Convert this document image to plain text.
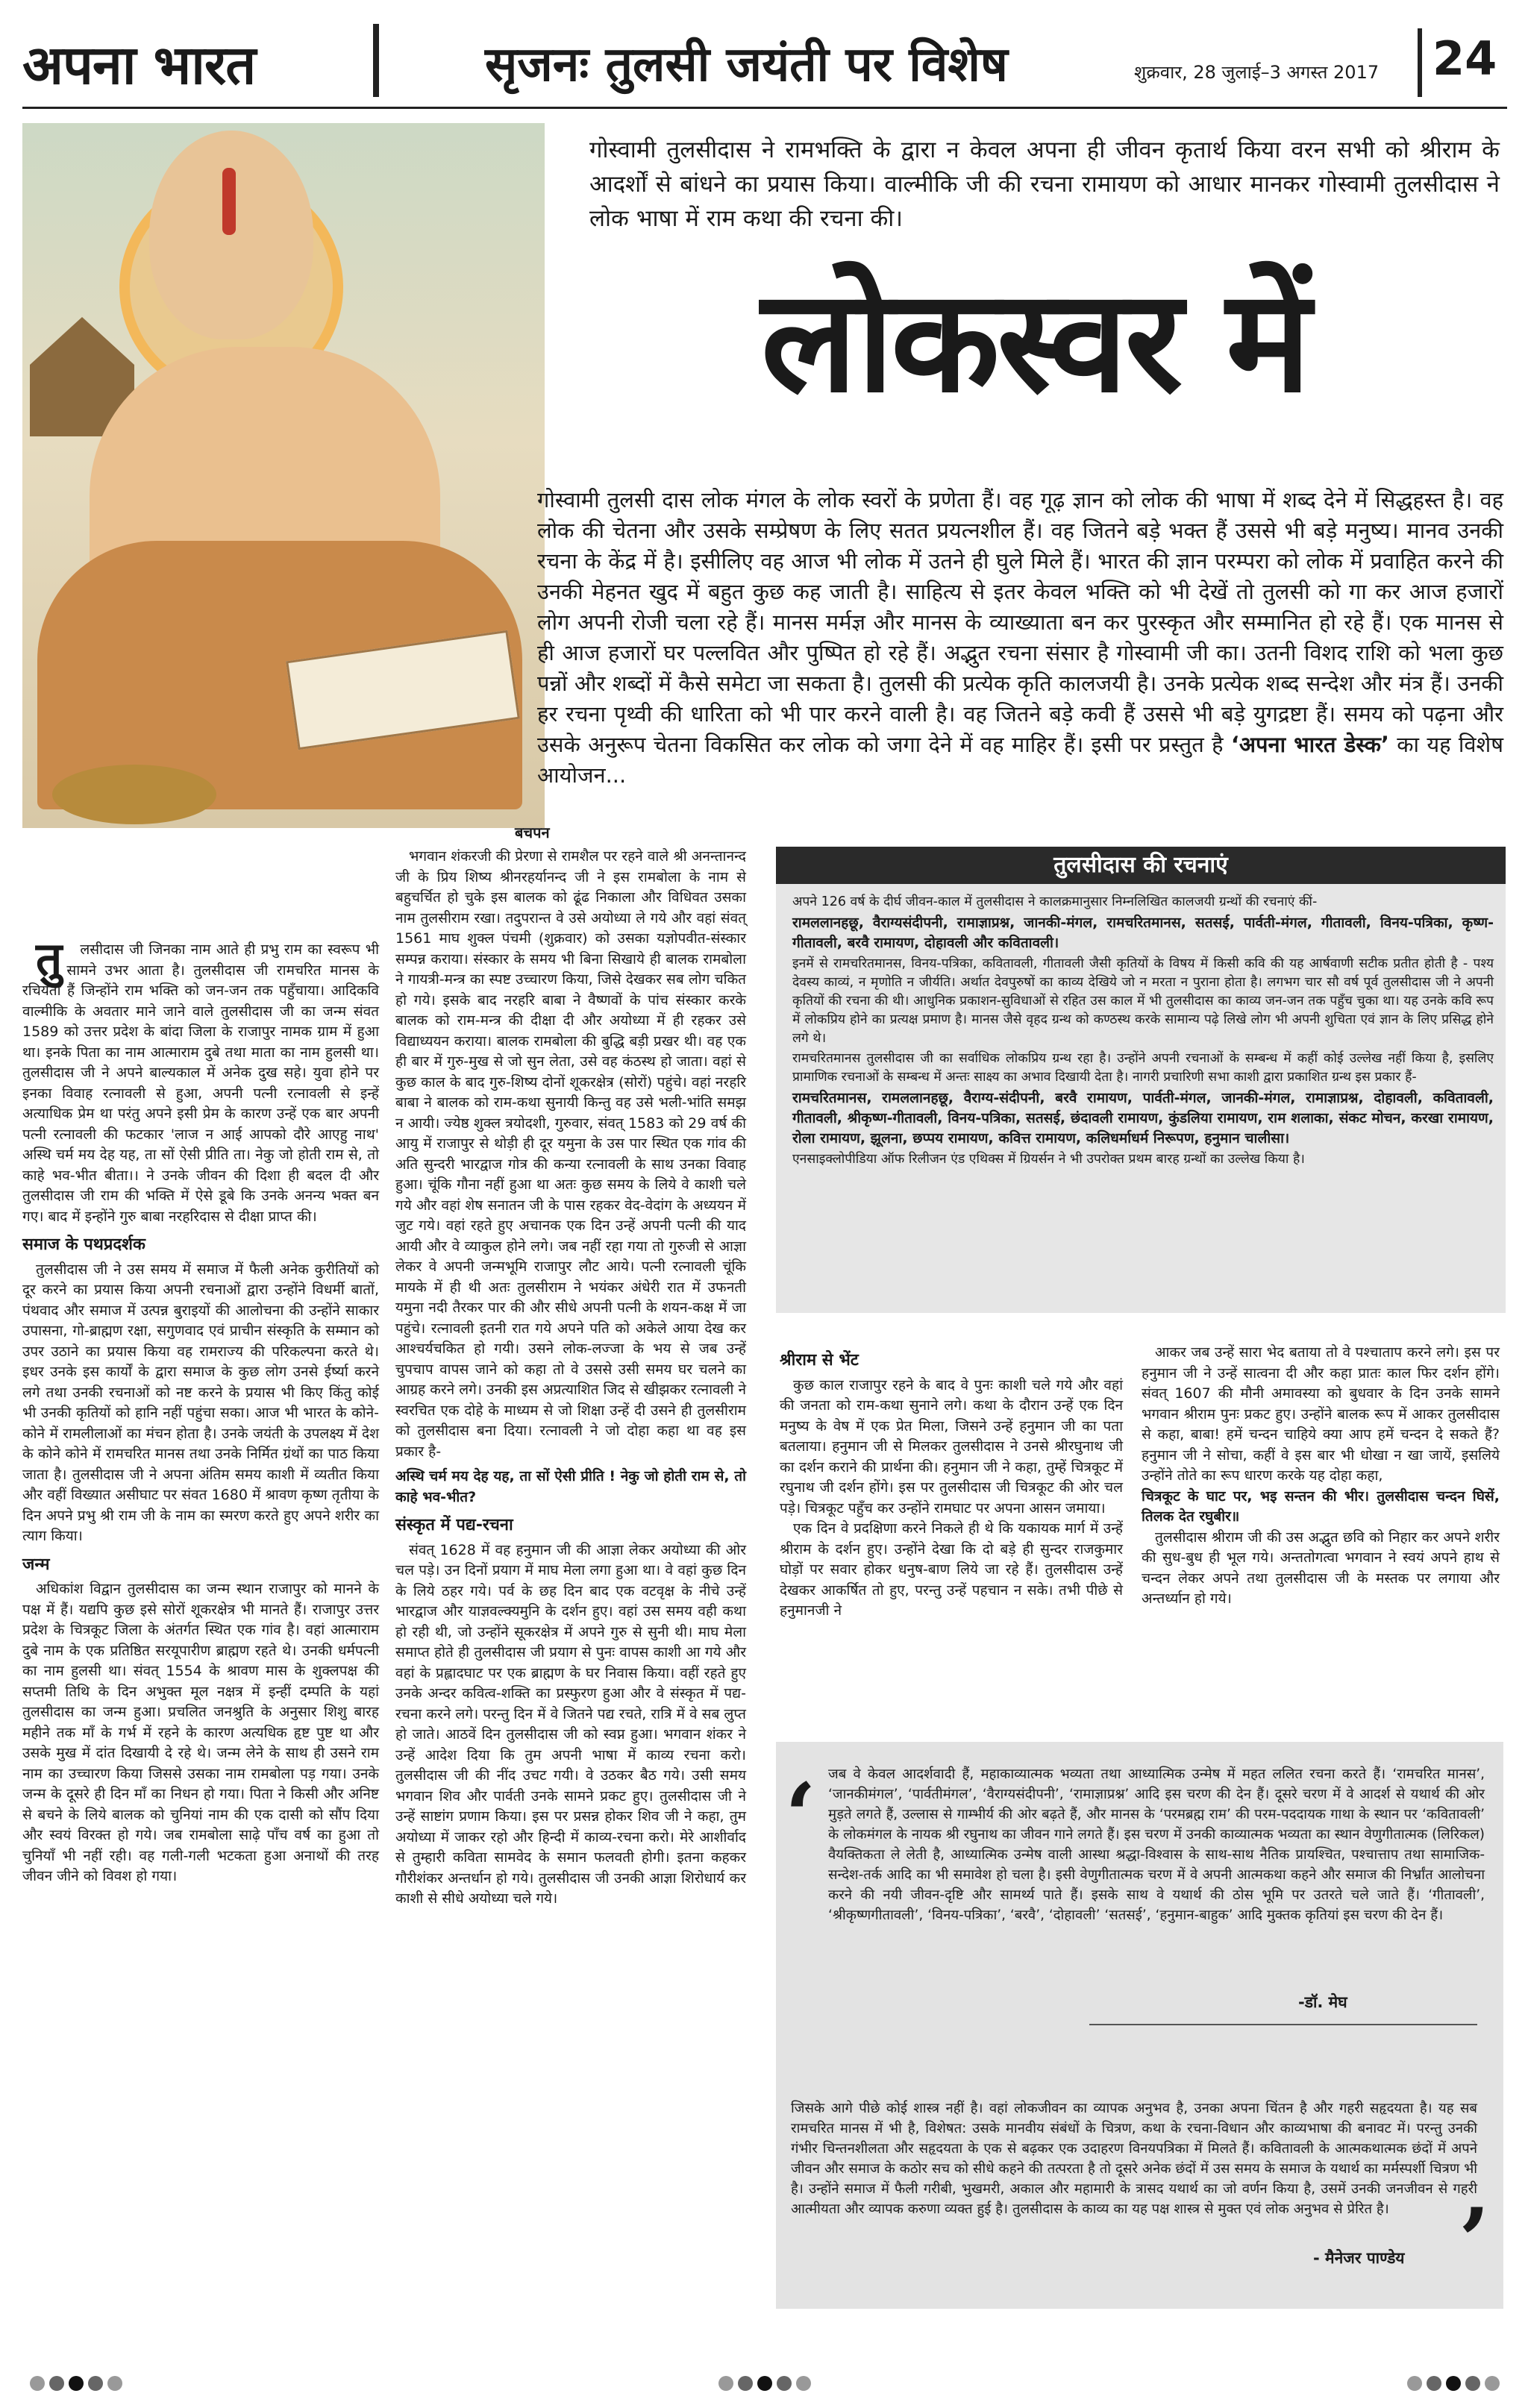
अपना भारत	सृजनः तुलसी जयंती पर विशेष	शुक्रवार, 28 जुलाई–3 अगस्त 2017 24
गोस्वामी तुलसीदास ने रामभक्ति के द्वारा न केवल अपना ही जीवन कृतार्थ किया वरन सभी को श्रीराम के आदर्शों से बांधने का प्रयास किया। वाल्मीकि जी की रचना रामायण को आधार मानकर गोस्वामी तुलसीदास ने लोक भाषा में राम कथा की रचना की।
लोकस्वर में
गोस्वामी तुलसी दास लोक मंगल के लोक स्वरों के प्रणेता हैं। वह गूढ़ ज्ञान को लोक की भाषा में शब्द देने में सिद्धहस्त है। वह लोक की चेतना और उसके सम्प्रेषण के लिए सतत प्रयत्नशील हैं। वह जितने बड़े भक्त हैं उससे भी बड़े मनुष्य। मानव उनकी रचना के केंद्र में है। इसीलिए वह आज भी लोक में उतने ही घुले मिले हैं। भारत की ज्ञान परम्परा को लोक में प्रवाहित करने की उनकी मेहनत खुद में बहुत कुछ कह जाती है। साहित्य से इतर केवल भक्ति को भी देखें तो तुलसी को गा कर आज हजारों लोग अपनी रोजी चला रहे हैं। मानस मर्मज्ञ और मानस के व्याख्याता बन कर पुरस्कृत और सम्मानित हो रहे हैं। एक मानस से ही आज हजारों घर पल्लवित और पुष्पित हो रहे हैं। अद्भुत रचना संसार है गोस्वामी जी का। उतनी विशद राशि को भला कुछ पन्नों और शब्दों में कैसे समेटा जा सकता है। तुलसी की प्रत्येक कृति कालजयी है। उनके प्रत्येक शब्द सन्देश और मंत्र हैं। उनकी हर रचना पृथ्वी की धारिता को भी पार करने वाली है। वह जितने बड़े कवी हैं उससे भी बड़े युगद्रष्टा हैं। समय को पढ़ना और उसके अनुरूप चेतना विकसित कर लोक को जगा देने में वह माहिर हैं। इसी पर प्रस्तुत है ‘अपना भारत डेस्क’ का यह विशेष आयोजन...

तु लसीदास जी जिनका नाम आते ही प्रभु राम का स्वरूप भी सामने उभर आता है। तुलसीदास जी रामचरित मानस के रचियता हैं जिन्होंने राम भक्ति को जन-जन तक पहुँचाया। आदिकवि वाल्मीकि के अवतार माने जाने वाले तुलसीदास जी का जन्म संवत 1589 को उत्तर प्रदेश के बांदा जिला के राजापुर नामक ग्राम में हुआ था। इनके पिता का नाम आत्माराम दुबे तथा माता का नाम हुलसी था। तुलसीदास जी ने अपने बाल्यकाल में अनेक दुख सहे। युवा होने पर इनका विवाह रत्नावली से हुआ, अपनी पत्नी रत्नावली से इन्हें अत्याधिक प्रेम था परंतु अपने इसी प्रेम के कारण उन्हें एक बार अपनी पत्नी रत्नावली की फटकार 'लाज न आई आपको दौरे आएहु नाथ' अस्थि चर्म मय देह यह, ता सों ऐसी प्रीति ता। नेकु जो होती राम से, तो काहे भव-भीत बीता।। ने उनके जीवन की दिशा ही बदल दी और तुलसीदास जी राम की भक्ति में ऐसे डूबे कि उनके अनन्य भक्त बन गए। बाद में इन्होंने गुरु बाबा नरहरिदास से दीक्षा प्राप्त की।

समाज के पथप्रदर्शक

तुलसीदास जी ने उस समय में समाज में फैली अनेक कुरीतियों को दूर करने का प्रयास किया अपनी रचनाओं द्वारा उन्होंने विधर्मी बातों, पंथवाद और समाज में उत्पन्न बुराइयों की आलोचना की उन्होंने साकार उपासना, गो-ब्राह्मण रक्षा, सगुणवाद एवं प्राचीन संस्कृति के सम्मान को उपर उठाने का प्रयास किया वह रामराज्य की परिकल्पना करते थे। इधर उनके इस कार्यों के द्वारा समाज के कुछ लोग उनसे ईर्ष्या करने लगे तथा उनकी रचनाओं को नष्ट करने के प्रयास भी किए किंतु कोई भी उनकी कृतियों को हानि नहीं पहुंचा सका। आज भी भारत के कोने-कोने में रामलीलाओं का मंचन होता है। उनके जयंती के उपलक्ष्य में देश के कोने कोने में रामचरित मानस तथा उनके निर्मित ग्रंथों का पाठ किया जाता है। तुलसीदास जी ने अपना अंतिम समय काशी में व्यतीत किया और वहीं विख्यात असीघाट पर संवत 1680 में श्रावण कृष्ण तृतीया के दिन अपने प्रभु श्री राम जी के नाम का स्मरण करते हुए अपने शरीर का त्याग किया।

जन्म

अधिकांश विद्वान तुलसीदास का जन्म स्थान राजापुर को मानने के पक्ष में हैं। यद्यपि कुछ इसे सोरों शूकरक्षेत्र भी मानते हैं। राजापुर उत्तर प्रदेश के चित्रकूट जिला के अंतर्गत स्थित एक गांव है। वहां आत्माराम दुबे नाम के एक प्रतिष्ठित सरयूपारीण ब्राह्मण रहते थे। उनकी धर्मपत्नी का नाम हुलसी था। संवत् 1554 के श्रावण मास के शुक्लपक्ष की सप्तमी तिथि के दिन अभुक्त मूल नक्षत्र में इन्हीं दम्पति के यहां तुलसीदास का जन्म हुआ। प्रचलित जनश्रुति के अनुसार शिशु बारह महीने तक माँ के गर्भ में रहने के कारण अत्यधिक हृष्ट पुष्ट था और उसके मुख में दांत दिखायी दे रहे थे। जन्म लेने के साथ ही उसने राम नाम का उच्चारण किया जिससे उसका नाम रामबोला पड़ गया। उनके जन्म के दूसरे ही दिन माँ का निधन हो गया। पिता ने किसी और अनिष्ट से बचने के लिये बालक को चुनियां नाम की एक दासी को सौंप दिया और स्वयं विरक्त हो गये। जब रामबोला साढ़े पाँच वर्ष का हुआ तो चुनियाँ भी नहीं रही। वह गली-गली भटकता हुआ अनाथों की तरह जीवन जीने को विवश हो गया।

बचपन

भगवान शंकरजी की प्रेरणा से रामशैल पर रहने वाले श्री अनन्तानन्द जी के प्रिय शिष्य श्रीनरहर्यानन्द जी ने इस रामबोला के नाम से बहुचर्चित हो चुके इस बालक को ढूंढ निकाला और विधिवत उसका नाम तुलसीराम रखा। तदुपरान्त वे उसे अयोध्या ले गये और वहां संवत् 1561 माघ शुक्ल पंचमी (शुक्रवार) को उसका यज्ञोपवीत-संस्कार सम्पन्न कराया। संस्कार के समय भी बिना सिखाये ही बालक रामबोला ने गायत्री-मन्त्र का स्पष्ट उच्चारण किया, जिसे देखकर सब लोग चकित हो गये। इसके बाद नरहरि बाबा ने वैष्णवों के पांच संस्कार करके बालक को राम-मन्त्र की दीक्षा दी और अयोध्या में ही रहकर उसे विद्याध्ययन कराया। बालक रामबोला की बुद्धि बड़ी प्रखर थी। वह एक ही बार में गुरु-मुख से जो सुन लेता, उसे वह कंठस्थ हो जाता। वहां से कुछ काल के बाद गुरु-शिष्य दोनों शूकरक्षेत्र (सोरों) पहुंचे। वहां नरहरि बाबा ने बालक को राम-कथा सुनायी किन्तु वह उसे भली-भांति समझ न आयी। ज्येष्ठ शुक्ल त्रयोदशी, गुरुवार, संवत् 1583 को 29 वर्ष की आयु में राजापुर से थोड़ी ही दूर यमुना के उस पार स्थित एक गांव की अति सुन्दरी भारद्वाज गोत्र की कन्या रत्नावली के साथ उनका विवाह हुआ। चूंकि गौना नहीं हुआ था अतः कुछ समय के लिये वे काशी चले गये और वहां शेष सनातन जी के पास रहकर वेद-वेदांग के अध्ययन में जुट गये। वहां रहते हुए अचानक एक दिन उन्हें अपनी पत्नी की याद आयी और वे व्याकुल होने लगे। जब नहीं रहा गया तो गुरुजी से आज्ञा लेकर वे अपनी जन्मभूमि राजापुर लौट आये। पत्नी रत्नावली चूंकि मायके में ही थी अतः तुलसीराम ने भयंकर अंधेरी रात में उफनती यमुना नदी तैरकर पार की और सीधे अपनी पत्नी के शयन-कक्ष में जा पहुंचे। रत्नावली इतनी रात गये अपने पति को अकेले आया देख कर आश्चर्यचकित हो गयी। उसने लोक-लज्जा के भय से जब उन्हें चुपचाप वापस जाने को कहा तो वे उससे उसी समय घर चलने का आग्रह करने लगे। उनकी इस अप्रत्याशित जिद से खीझकर रत्नावली ने स्वरचित एक दोहे के माध्यम से जो शिक्षा उन्हें दी उसने ही तुलसीराम को तुलसीदास बना दिया। रत्नावली ने जो दोहा कहा था वह इस प्रकार है-

अस्थि चर्म मय देह यह, ता सों ऐसी प्रीति ! नेकु जो होती राम से, तो काहे भव-भीत?

संस्कृत में पद्य-रचना

संवत् 1628 में वह हनुमान जी की आज्ञा लेकर अयोध्या की ओर चल पड़े। उन दिनों प्रयाग में माघ मेला लगा हुआ था। वे वहां कुछ दिन के लिये ठहर गये। पर्व के छह दिन बाद एक वटवृक्ष के नीचे उन्हें भारद्वाज और याज्ञवल्क्यमुनि के दर्शन हुए। वहां उस समय वही कथा हो रही थी, जो उन्होंने सूकरक्षेत्र में अपने गुरु से सुनी थी। माघ मेला समाप्त होते ही तुलसीदास जी प्रयाग से पुनः वापस काशी आ गये और वहां के प्रह्लादघाट पर एक ब्राह्मण के घर निवास किया। वहीं रहते हुए उनके अन्दर कवित्व-शक्ति का प्रस्फुरण हुआ और वे संस्कृत में पद्य-रचना करने लगे। परन्तु दिन में वे जितने पद्य रचते, रात्रि में वे सब लुप्त हो जाते। आठवें दिन तुलसीदास जी को स्वप्न हुआ। भगवान शंकर ने उन्हें आदेश दिया कि तुम अपनी भाषा में काव्य रचना करो। तुलसीदास जी की नींद उचट गयी। वे उठकर बैठ गये। उसी समय भगवान शिव और पार्वती उनके सामने प्रकट हुए। तुलसीदास जी ने उन्हें साष्टांग प्रणाम किया। इस पर प्रसन्न होकर शिव जी ने कहा, तुम अयोध्या में जाकर रहो और हिन्दी में काव्य-रचना करो। मेरे आशीर्वाद से तुम्हारी कविता सामवेद के समान फलवती होगी। इतना कहकर गौरीशंकर अन्तर्धान हो गये। तुलसीदास जी उनकी आज्ञा शिरोधार्य कर काशी से सीधे अयोध्या चले गये।

तुलसीदास की रचनाएं

अपने 126 वर्ष के दीर्घ जीवन-काल में तुलसीदास ने कालक्रमानुसार निम्नलिखित कालजयी ग्रन्थों की रचनाएं कीं-

रामललानहछू, वैराग्यसंदीपनी, रामाज्ञाप्रश्न, जानकी-मंगल, रामचरितमानस, सतसई, पार्वती-मंगल, गीतावली, विनय-पत्रिका, कृष्ण-गीतावली, बरवै रामायण, दोहावली और कवितावली।

इनमें से रामचरितमानस, विनय-पत्रिका, कवितावली, गीतावली जैसी कृतियों के विषय में किसी कवि की यह आर्षवाणी सटीक प्रतीत होती है - पश्य देवस्य काव्यं, न मृणोति न जीर्यति। अर्थात देवपुरुषों का काव्य देखिये जो न मरता न पुराना होता है। लगभग चार सौ वर्ष पूर्व तुलसीदास जी ने अपनी कृतियों की रचना की थी। आधुनिक प्रकाशन-सुविधाओं से रहित उस काल में भी तुलसीदास का काव्य जन-जन तक पहुँच चुका था। यह उनके कवि रूप में लोकप्रिय होने का प्रत्यक्ष प्रमाण है। मानस जैसे वृहद ग्रन्थ को कण्ठस्थ करके सामान्य पढ़े लिखे लोग भी अपनी शुचिता एवं ज्ञान के लिए प्रसिद्ध होने लगे थे।

रामचरितमानस तुलसीदास जी का सर्वाधिक लोकप्रिय ग्रन्थ रहा है। उन्होंने अपनी रचनाओं के सम्बन्ध में कहीं कोई उल्लेख नहीं किया है, इसलिए प्रामाणिक रचनाओं के सम्बन्ध में अन्तः साक्ष्य का अभाव दिखायी देता है। नागरी प्रचारिणी सभा काशी द्वारा प्रकाशित ग्रन्थ इस प्रकार हैं-

रामचरितमानस, रामललानहछू, वैराग्य-संदीपनी, बरवै रामायण, पार्वती-मंगल, जानकी-मंगल, रामाज्ञाप्रश्न, दोहावली, कवितावली, गीतावली, श्रीकृष्ण-गीतावली, विनय-पत्रिका, सतसई, छंदावली रामायण, कुंडलिया रामायण, राम शलाका, संकट मोचन, करखा रामायण, रोला रामायण, झूलना, छप्पय रामायण, कवित्त रामायण, कलिधर्माधर्म निरूपण, हनुमान चालीसा।

एनसाइक्लोपीडिया ऑफ रिलीजन एंड एथिक्स में ग्रियर्सन ने भी उपरोक्त प्रथम बारह ग्रन्थों का उल्लेख किया है।

श्रीराम से भेंट

कुछ काल राजापुर रहने के बाद वे पुनः काशी चले गये और वहां की जनता को राम-कथा सुनाने लगे। कथा के दौरान उन्हें एक दिन मनुष्य के वेष में एक प्रेत मिला, जिसने उन्हें हनुमान जी का पता बतलाया। हनुमान जी से मिलकर तुलसीदास ने उनसे श्रीरघुनाथ जी का दर्शन कराने की प्रार्थना की। हनुमान जी ने कहा, तुम्हें चित्रकूट में रघुनाथ जी दर्शन होंगे। इस पर तुलसीदास जी चित्रकूट की ओर चल पड़े। चित्रकूट पहुँच कर उन्होंने रामघाट पर अपना आसन जमाया।

एक दिन वे प्रदक्षिणा करने निकले ही थे कि यकायक मार्ग में उन्हें श्रीराम के दर्शन हुए। उन्होंने देखा कि दो बड़े ही सुन्दर राजकुमार घोड़ों पर सवार होकर धनुष-बाण लिये जा रहे हैं। तुलसीदास उन्हें देखकर आकर्षित तो हुए, परन्तु उन्हें पहचान न सके। तभी पीछे से हनुमानजी ने

आकर जब उन्हें सारा भेद बताया तो वे पश्चाताप करने लगे। इस पर हनुमान जी ने उन्हें सात्वना दी और कहा प्रातः काल फिर दर्शन होंगे। संवत् 1607 की मौनी अमावस्या को बुधवार के दिन उनके सामने भगवान श्रीराम पुनः प्रकट हुए। उन्होंने बालक रूप में आकर तुलसीदास से कहा, बाबा! हमें चन्दन चाहिये क्या आप हमें चन्दन दे सकते हैं? हनुमान जी ने सोचा, कहीं वे इस बार भी धोखा न खा जायें, इसलिये उन्होंने तोते का रूप धारण करके यह दोहा कहा,

चित्रकूट के घाट पर, भइ सन्तन की भीर। तुलसीदास चन्दन घिसें, तिलक देत रघुबीर॥

तुलसीदास श्रीराम जी की उस अद्भुत छवि को निहार कर अपने शरीर की सुध-बुध ही भूल गये। अन्ततोगत्वा भगवान ने स्वयं अपने हाथ से चन्दन लेकर अपने तथा तुलसीदास जी के मस्तक पर लगाया और अन्तर्ध्यान हो गये।

‘ जब वे केवल आदर्शवादी हैं, महाकाव्यात्मक भव्यता तथा आध्यात्मिक उन्मेष में महत ललित रचना करते हैं। ‘रामचरित मानस’, ‘जानकीमंगल’, ‘पार्वतीमंगल’, ‘वैराग्यसंदीपनी’, ‘रामाज्ञाप्रश्न’ आदि इस चरण की देन हैं। दूसरे चरण में वे आदर्श से यथार्थ की ओर मुड़ते लगते हैं, उल्लास से गाम्भीर्य की ओर बढ़ते हैं, और मानस के ‘परमब्रह्म राम’ की परम-पददायक गाथा के स्थान पर ‘कवितावली’ के लोकमंगल के नायक श्री रघुनाथ का जीवन गाने लगते हैं। इस चरण में उनकी काव्यात्मक भव्यता का स्थान वेणुगीतात्मक (लिरिकल) वैयक्तिकता ले लेती है, आध्यात्मिक उन्मेष वाली आस्था श्रद्धा-विश्वास के साथ-साथ नैतिक प्रायश्चित, पश्चात्ताप तथा सामाजिक-सन्देश-तर्क आदि का भी समावेश हो चला है। इसी वेणुगीतात्मक चरण में वे अपनी आत्मकथा कहने और समाज की निर्भ्रांत आलोचना करने की नयी जीवन-दृष्टि और सामर्थ्य पाते हैं। इसके साथ वे यथार्थ की ठोस भूमि पर उतरते चले जाते हैं। ‘गीतावली’, ‘श्रीकृष्णगीतावली’, ‘विनय-पत्रिका’, ‘बरवै’, ‘दोहावली’ ‘सतसई’, ‘हनुमान-बाहुक’ आदि मुक्तक कृतियां इस चरण की देन हैं।
-डॉ. मेघ
जिसके आगे पीछे कोई शास्त्र नहीं है। वहां लोकजीवन का व्यापक अनुभव है, उनका अपना चिंतन है और गहरी सहृदयता है। यह सब रामचरित मानस में भी है, विशेषत: उसके मानवीय संबंधों के चित्रण, कथा के रचना-विधान और काव्यभाषा की बनावट में। परन्तु उनकी गंभीर चिन्तनशीलता और सहृदयता के एक से बढ़कर एक उदाहरण विनयपत्रिका में मिलते हैं। कवितावली के आत्मकथात्मक छंदों में अपने जीवन और समाज के कठोर सच को सीधे कहने की तत्परता है तो दूसरे अनेक छंदों में उस समय के समाज के यथार्थ का मर्मस्पर्शी चित्रण भी है। उन्होंने समाज में फैली गरीबी, भुखमरी, अकाल और महामारी के त्रासद यथार्थ का जो वर्णन किया है, उसमें उनकी जनजीवन से गहरी आत्मीयता और व्यापक करुणा व्यक्त हुई है। तुलसीदास के काव्य का यह पक्ष शास्त्र से मुक्त एवं लोक अनुभव से प्रेरित है।
- मैनेजर पाण्डेय ’
